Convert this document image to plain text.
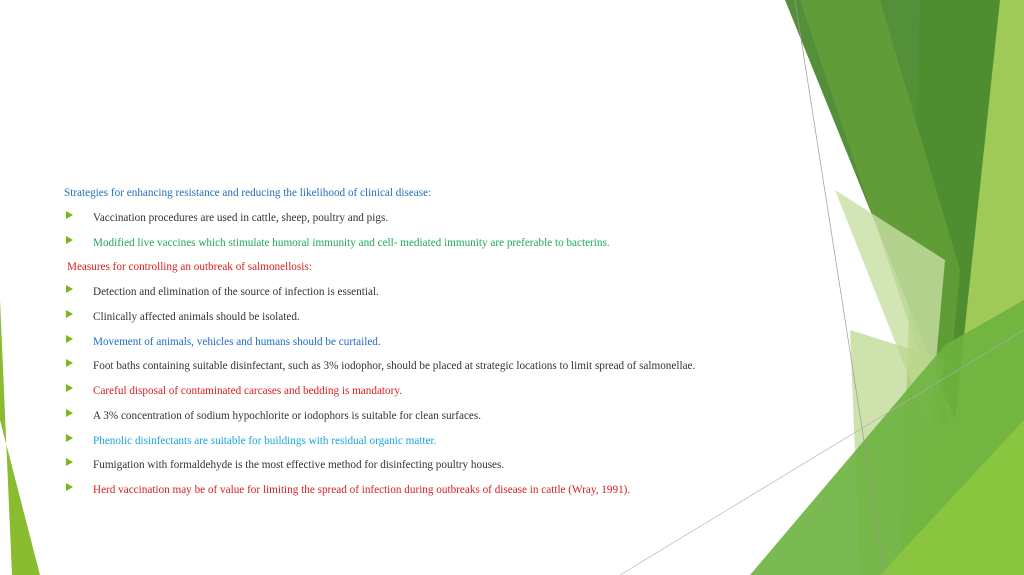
Strategies for enhancing resistance and reducing the likelihood of clinical disease:
Vaccination procedures are used in cattle, sheep, poultry and pigs.
Modified live vaccines which stimulate humoral immunity and cell- mediated immunity are preferable to bacterins.
Measures for controlling an outbreak of salmonellosis:
Detection and elimination of the source of infection is essential.
Clinically affected animals should be isolated.
Movement of animals, vehicles and humans should be curtailed.
Foot baths containing suitable disinfectant, such as 3% iodophor, should be placed at strategic locations to limit spread of salmonellae.
Careful disposal of contaminated carcases and bedding is mandatory.
A 3% concentration of sodium hypochlorite or iodophors is suitable for clean surfaces.
Phenolic disinfectants are suitable for buildings with residual organic matter.
Fumigation with formaldehyde is the most effective method for disinfecting poultry houses.
Herd vaccination may be of value for limiting the spread of infection during outbreaks of disease in cattle (Wray, 1991).
